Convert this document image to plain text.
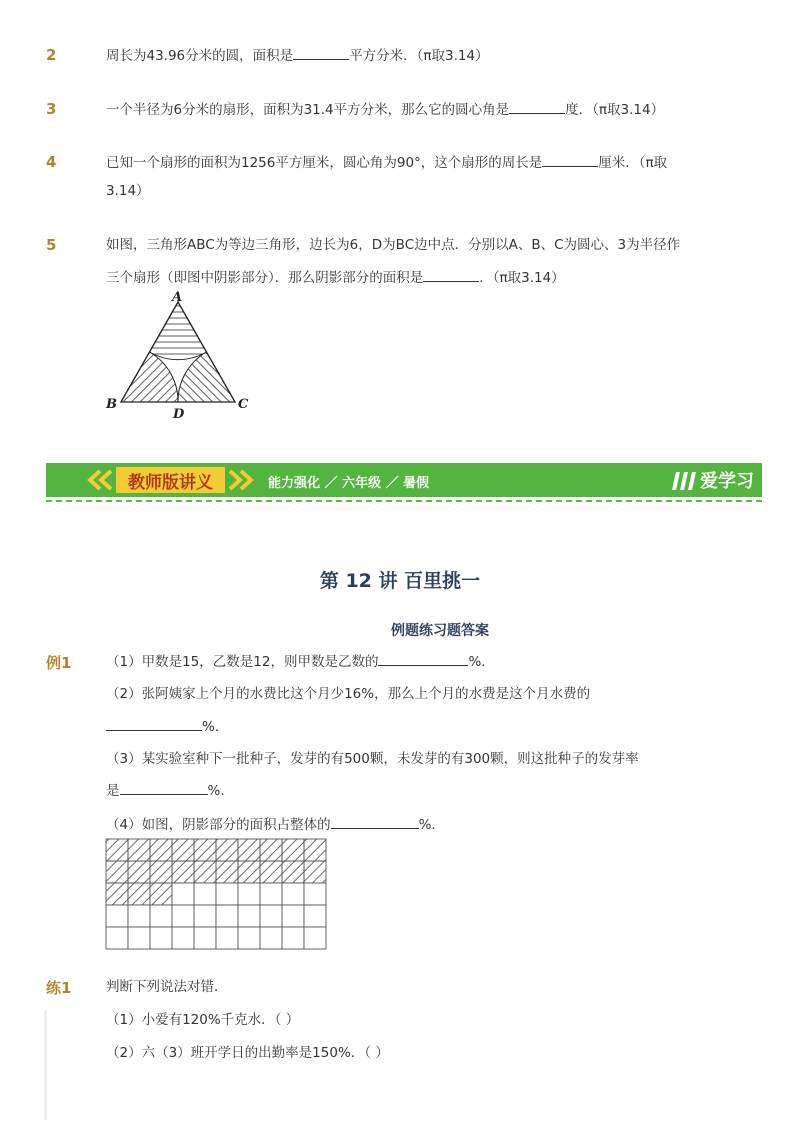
2	周长为43.96分米的圆，面积是	平方分米．（π取3.14）
3	一个半径为6分米的扇形，面积为31.4平方分米，那么它的圆心角是	度．（π取3.14）
4	已知一个扇形的面积为1256平方厘米，圆心角为90°，这个扇形的周长是	厘米．（π取
3.14）
5	如图，三角形ABC为等边三角形，边长为6，D为BC边中点．分别以A、B、C为圆心、3为半径作
三个扇形（即图中阴影部分）．那么阴影部分的面积是	．（π取3.14）
A
B	C
D
教师版讲义	能力强化 ／ 六年级 ／ 暑假	爱学习
第 12 讲 百里挑一
例题练习题答案
例1	（1）甲数是15，乙数是12，则甲数是乙数的	%．
（2）张阿姨家上个月的水费比这个月少16%，那么上个月的水费是这个月水费的
%．
（3）某实验室种下一批种子，发芽的有500颗，未发芽的有300颗，则这批种子的发芽率
是	%．
（4）如图，阴影部分的面积占整体的	%．
练1	判断下列说法对错．
（1）小爱有120%千克水．（ ）
（2）六（3）班开学日的出勤率是150%．（ ）
